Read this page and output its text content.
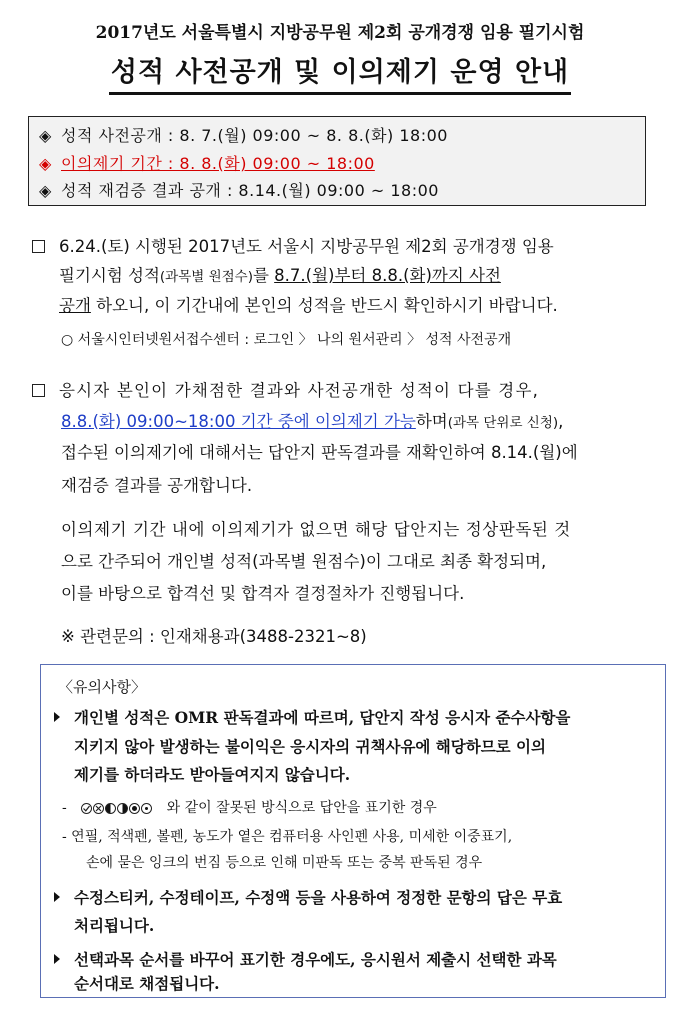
2017년도 서울특별시 지방공무원 제2회 공개경쟁 임용 필기시험
성적 사전공개 및 이의제기 운영 안내
◈ 성적 사전공개 : 8. 7.(월) 09:00 ~ 8. 8.(화) 18:00
◈ 이의제기 기간 : 8. 8.(화) 09:00 ~ 18:00
◈ 성적 재검증 결과 공개 : 8.14.(월) 09:00 ~ 18:00
6.24.(토) 시행된 2017년도 서울시 지방공무원 제2회 공개경쟁 임용
필기시험 성적(과목별 원점수)를 8.7.(월)부터 8.8.(화)까지 사전
공개 하오니, 이 기간내에 본인의 성적을 반드시 확인하시기 바랍니다.
○ 서울시인터넷원서접수센터 : 로그인 〉 나의 원서관리 〉 성적 사전공개
응시자 본인이 가채점한 결과와 사전공개한 성적이 다를 경우,
8.8.(화) 09:00~18:00 기간 중에 이의제기 가능하며(과목 단위로 신청),
접수된 이의제기에 대해서는 답안지 판독결과를 재확인하여 8.14.(월)에
재검증 결과를 공개합니다.
이의제기 기간 내에 이의제기가 없으면 해당 답안지는 정상판독된 것
으로 간주되어 개인별 성적(과목별 원점수)이 그대로 최종 확정되며,
이를 바탕으로 합격선 및 합격자 결정절차가 진행됩니다.
※ 관련문의 : 인재채용과(3488-2321~8)
〈유의사항〉
개인별 성적은 OMR 판독결과에 따르며, 답안지 작성 응시자 준수사항을
지키지 않아 발생하는 불이익은 응시자의 귀책사유에 해당하므로 이의
제기를 하더라도 받아들여지지 않습니다.
-	와 같이 잘못된 방식으로 답안을 표기한 경우
- 연필, 적색펜, 볼펜, 농도가 옅은 컴퓨터용 사인펜 사용, 미세한 이중표기,
손에 묻은 잉크의 번짐 등으로 인해 미판독 또는 중복 판독된 경우
수정스티커, 수정테이프, 수정액 등을 사용하여 정정한 문항의 답은 무효
처리됩니다.
선택과목 순서를 바꾸어 표기한 경우에도, 응시원서 제출시 선택한 과목
순서대로 채점됩니다.
